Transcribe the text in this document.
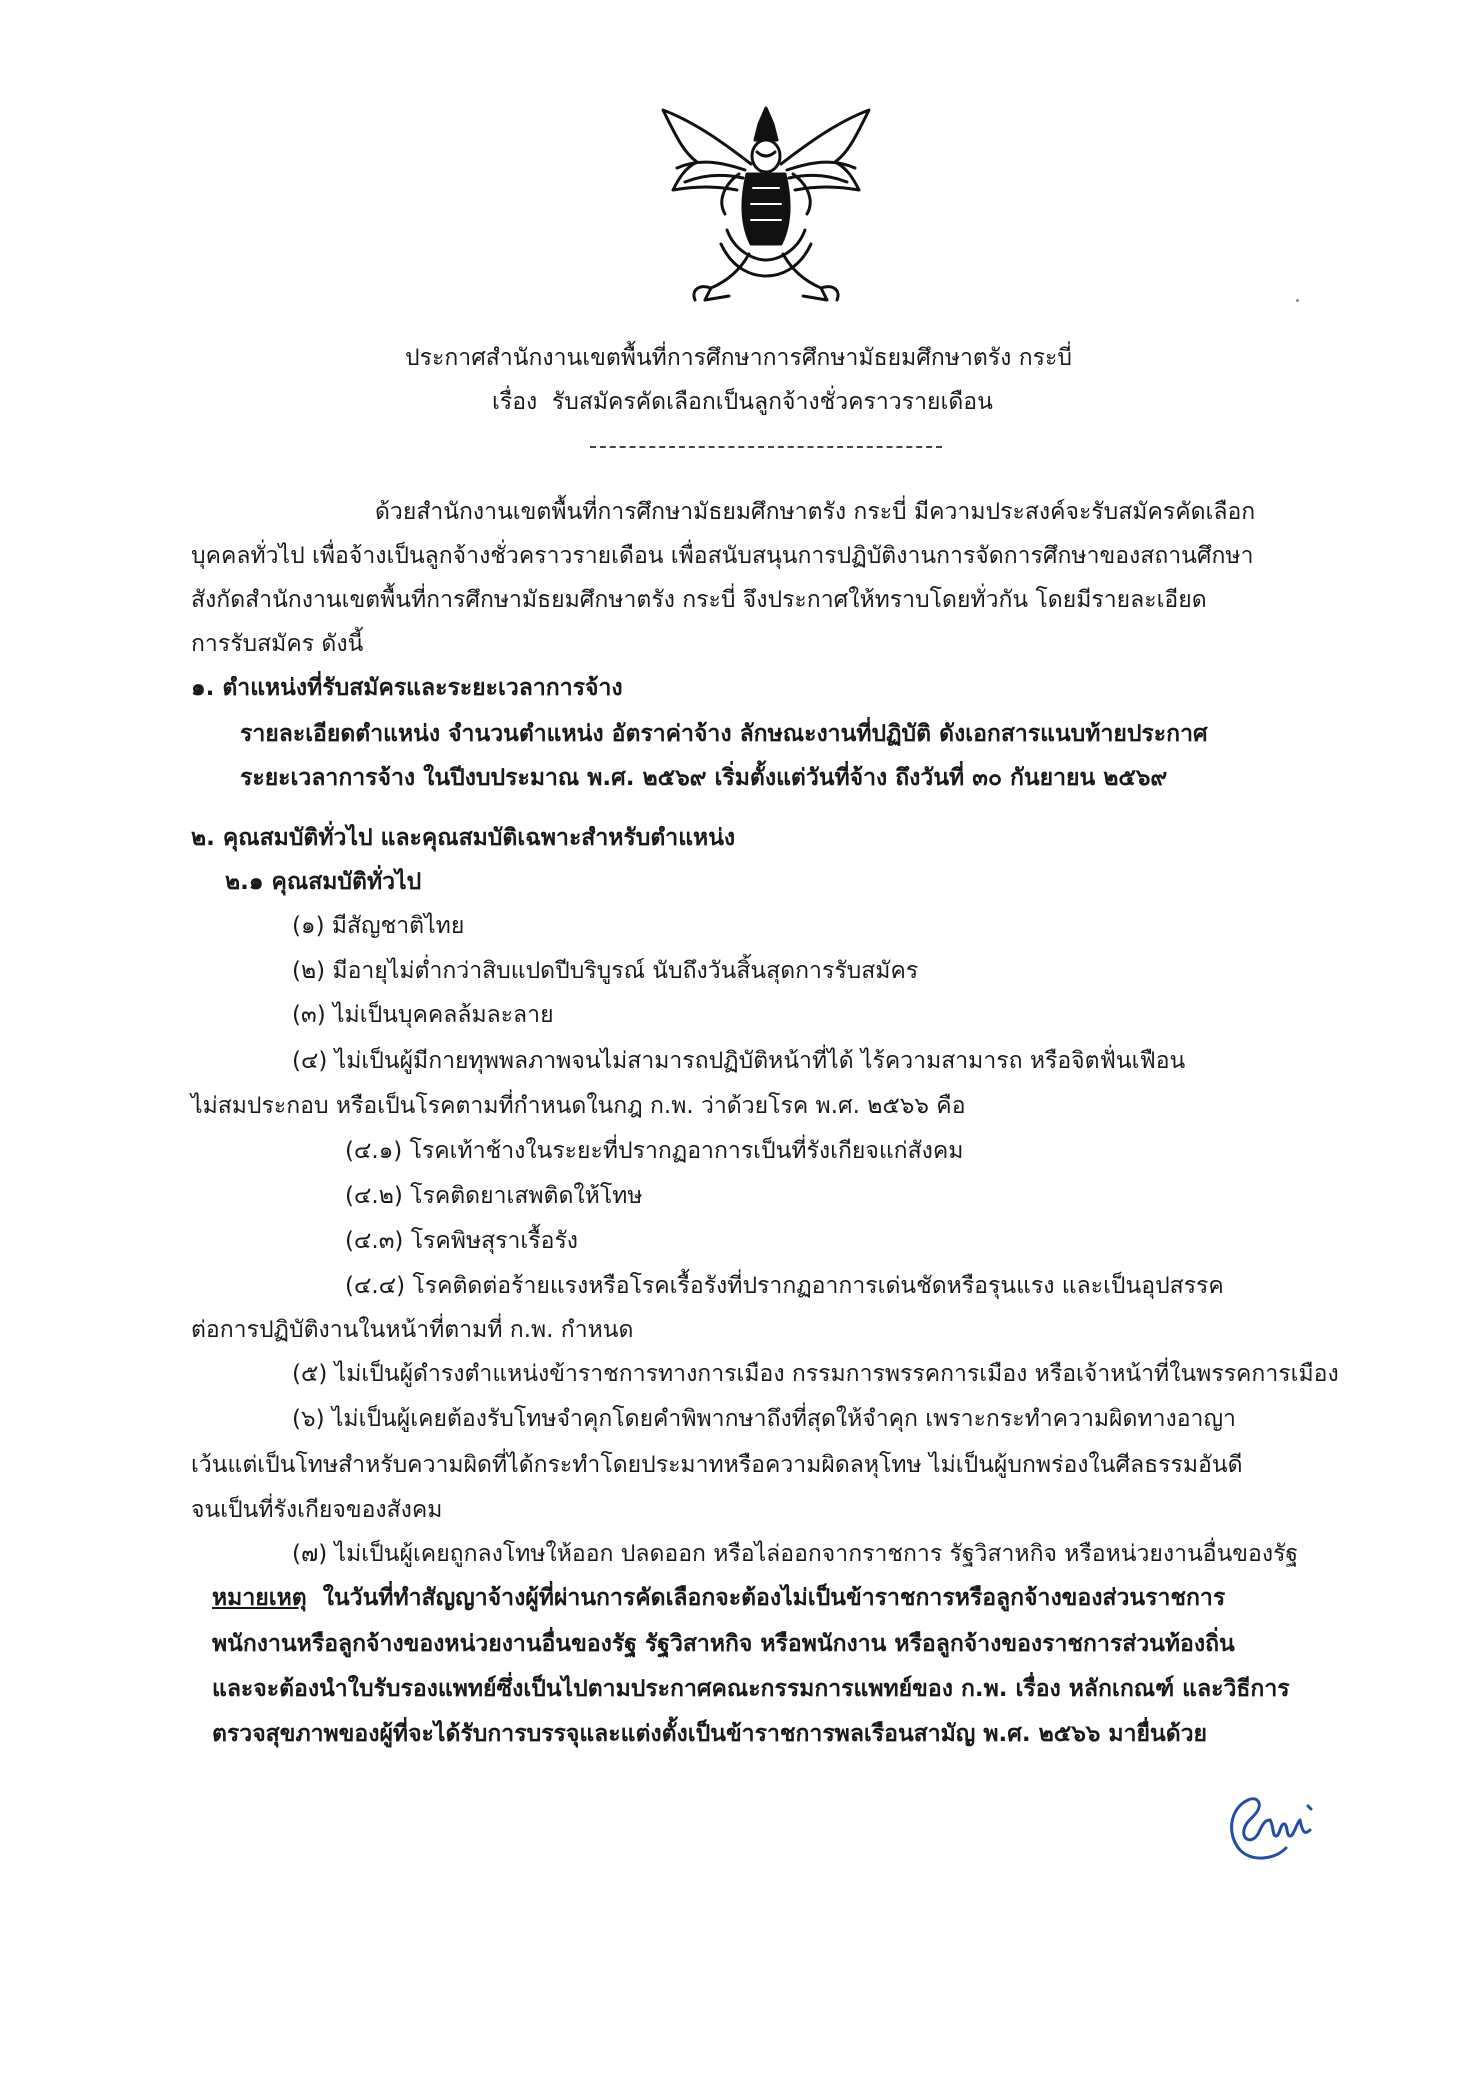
ประกาศสำนักงานเขตพื้นที่การศึกษาการศึกษามัธยมศึกษาตรัง กระบี่
เรื่อง รับสมัครคัดเลือกเป็นลูกจ้างชั่วคราวรายเดือน
ด้วยสำนักงานเขตพื้นที่การศึกษามัธยมศึกษาตรัง กระบี่ มีความประสงค์จะรับสมัครคัดเลือก
บุคคลทั่วไป เพื่อจ้างเป็นลูกจ้างชั่วคราวรายเดือน เพื่อสนับสนุนการปฏิบัติงานการจัดการศึกษาของสถานศึกษา
สังกัดสำนักงานเขตพื้นที่การศึกษามัธยมศึกษาตรัง กระบี่ จึงประกาศให้ทราบโดยทั่วกัน โดยมีรายละเอียด
การรับสมัคร ดังนี้
๑. ตำแหน่งที่รับสมัครและระยะเวลาการจ้าง
รายละเอียดตำแหน่ง จำนวนตำแหน่ง อัตราค่าจ้าง ลักษณะงานที่ปฏิบัติ ดังเอกสารแนบท้ายประกาศ
ระยะเวลาการจ้าง ในปีงบประมาณ พ.ศ. ๒๕๖๙ เริ่มตั้งแต่วันที่จ้าง ถึงวันที่ ๓๐ กันยายน ๒๕๖๙
๒. คุณสมบัติทั่วไป และคุณสมบัติเฉพาะสำหรับตำแหน่ง
๒.๑ คุณสมบัติทั่วไป
(๑) มีสัญชาติไทย
(๒) มีอายุไม่ต่ำกว่าสิบแปดปีบริบูรณ์ นับถึงวันสิ้นสุดการรับสมัคร
(๓) ไม่เป็นบุคคลล้มละลาย
(๔) ไม่เป็นผู้มีกายทุพพลภาพจนไม่สามารถปฏิบัติหน้าที่ได้ ไร้ความสามารถ หรือจิตฟั่นเฟือน
ไม่สมประกอบ หรือเป็นโรคตามที่กำหนดในกฎ ก.พ. ว่าด้วยโรค พ.ศ. ๒๕๖๖ คือ
(๔.๑) โรคเท้าช้างในระยะที่ปรากฏอาการเป็นที่รังเกียจแก่สังคม
(๔.๒) โรคติดยาเสพติดให้โทษ
(๔.๓) โรคพิษสุราเรื้อรัง
(๔.๔) โรคติดต่อร้ายแรงหรือโรคเรื้อรังที่ปรากฏอาการเด่นชัดหรือรุนแรง และเป็นอุปสรรค
ต่อการปฏิบัติงานในหน้าที่ตามที่ ก.พ. กำหนด
(๕) ไม่เป็นผู้ดำรงตำแหน่งข้าราชการทางการเมือง กรรมการพรรคการเมือง หรือเจ้าหน้าที่ในพรรคการเมือง
(๖) ไม่เป็นผู้เคยต้องรับโทษจำคุกโดยคำพิพากษาถึงที่สุดให้จำคุก เพราะกระทำความผิดทางอาญา
เว้นแต่เป็นโทษสำหรับความผิดที่ได้กระทำโดยประมาทหรือความผิดลหุโทษ ไม่เป็นผู้บกพร่องในศีลธรรมอันดี
จนเป็นที่รังเกียจของสังคม
(๗) ไม่เป็นผู้เคยถูกลงโทษให้ออก ปลดออก หรือไล่ออกจากราชการ รัฐวิสาหกิจ หรือหน่วยงานอื่นของรัฐ
หมายเหตุ ในวันที่ทำสัญญาจ้างผู้ที่ผ่านการคัดเลือกจะต้องไม่เป็นข้าราชการหรือลูกจ้างของส่วนราชการ
พนักงานหรือลูกจ้างของหน่วยงานอื่นของรัฐ รัฐวิสาหกิจ หรือพนักงาน หรือลูกจ้างของราชการส่วนท้องถิ่น
และจะต้องนำใบรับรองแพทย์ซึ่งเป็นไปตามประกาศคณะกรรมการแพทย์ของ ก.พ. เรื่อง หลักเกณฑ์ และวิธีการ
ตรวจสุขภาพของผู้ที่จะได้รับการบรรจุและแต่งตั้งเป็นข้าราชการพลเรือนสามัญ พ.ศ. ๒๕๖๖ มายื่นด้วย
